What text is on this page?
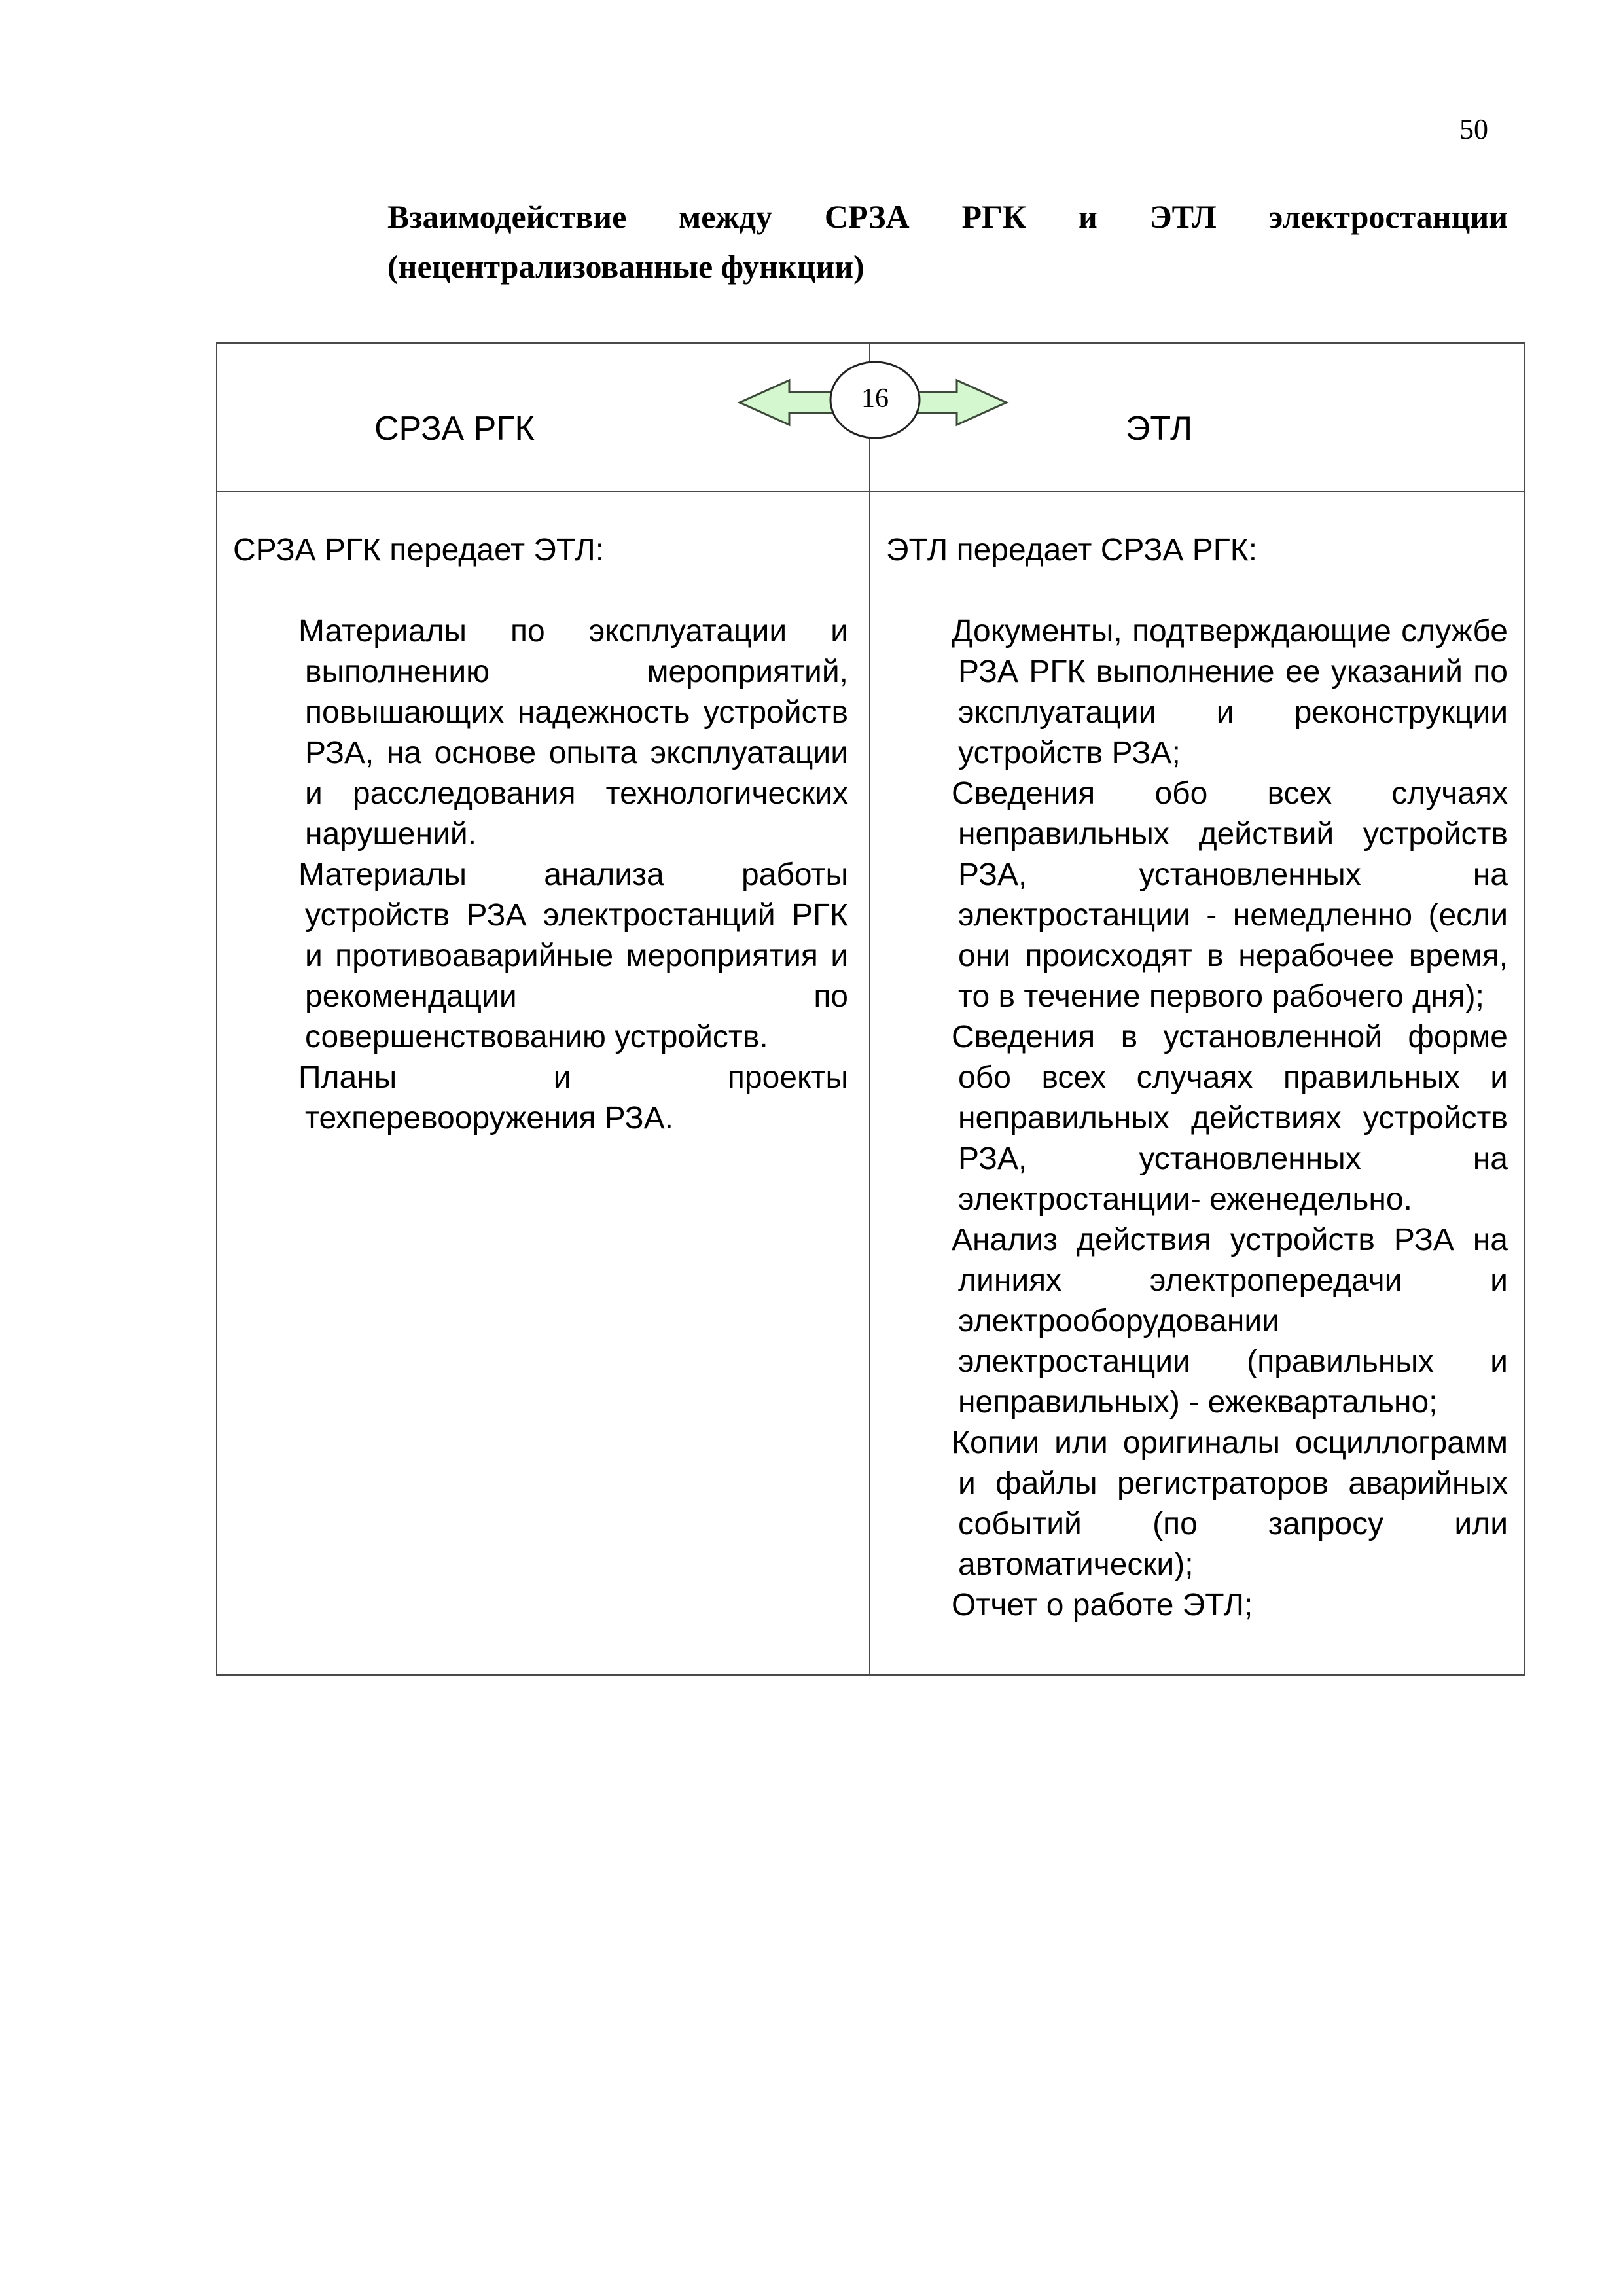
50
Взаимодействие между СРЗА РГК и ЭТЛ электростанции
(нецентрализованные функции)
СРЗА РГК	ЭТЛ
16
СРЗА РГК передает ЭТЛ:

Материалы по эксплуатации и выполнению мероприятий, повышающих надежность устройств РЗА, на основе опыта эксплуатации и расследования технологических нарушений.

Материалы анализа работы устройств РЗА электростанций РГК и противоаварийные мероприятия и рекомендации по совершенствованию устройств.

Планы и проекты техперевооружения РЗА.

ЭТЛ передает СРЗА РГК:

Документы, подтверждающие службе РЗА РГК выполнение ее указаний по эксплуатации и реконструкции устройств РЗА;

Сведения обо всех случаях неправильных действий устройств РЗА, установленных на электростанции - немедленно (если они происходят в нерабочее время, то в течение первого рабочего дня);

Сведения в установленной форме обо всех случаях правильных и неправильных действиях устройств РЗА, установленных на электростанции- еженедельно.

Анализ действия устройств РЗА на линиях электропередачи и электрооборудовании электростанции (правильных и неправильных) - ежеквартально;

Копии или оригиналы осциллограмм и файлы регистраторов аварийных событий (по запросу или автоматически);

Отчет о работе ЭТЛ;
